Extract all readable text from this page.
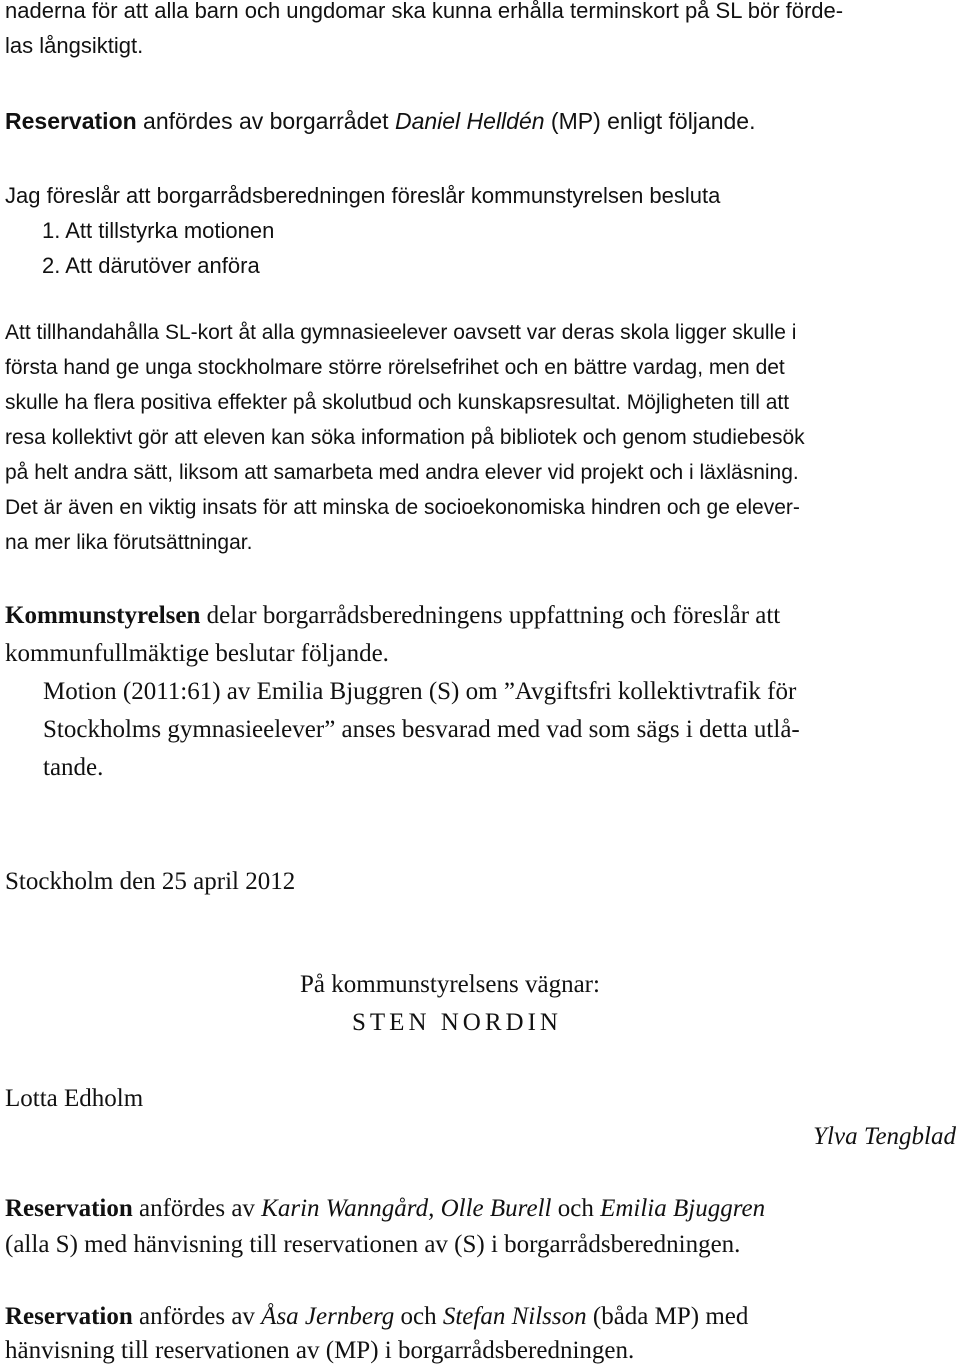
naderna för att alla barn och ungdomar ska kunna erhålla terminskort på SL bör förde-
las långsiktigt.
Reservation anfördes av borgarrådet Daniel Helldén (MP) enligt följande.
Jag föreslår att borgarrådsberedningen föreslår kommunstyrelsen besluta
1. Att tillstyrka motionen
2. Att därutöver anföra
Att tillhandahålla SL-kort åt alla gymnasieelever oavsett var deras skola ligger skulle i
första hand ge unga stockholmare större rörelsefrihet och en bättre vardag, men det
skulle ha flera positiva effekter på skolutbud och kunskapsresultat. Möjligheten till att
resa kollektivt gör att eleven kan söka information på bibliotek och genom studiebesök
på helt andra sätt, liksom att samarbeta med andra elever vid projekt och i läxläsning.
Det är även en viktig insats för att minska de socioekonomiska hindren och ge elever-
na mer lika förutsättningar.
Kommunstyrelsen delar borgarrådsberedningens uppfattning och föreslår att
kommunfullmäktige beslutar följande.
Motion (2011:61) av Emilia Bjuggren (S) om ”Avgiftsfri kollektivtrafik för
Stockholms gymnasieelever” anses besvarad med vad som sägs i detta utlå-
tande.
Stockholm den 25 april 2012
På kommunstyrelsens vägnar:
STEN NORDIN
Lotta Edholm
Ylva Tengblad
Reservation anfördes av Karin Wanngård, Olle Burell och Emilia Bjuggren
(alla S) med hänvisning till reservationen av (S) i borgarrådsberedningen.
Reservation anfördes av Åsa Jernberg och Stefan Nilsson (båda MP) med
hänvisning till reservationen av (MP) i borgarrådsberedningen.
